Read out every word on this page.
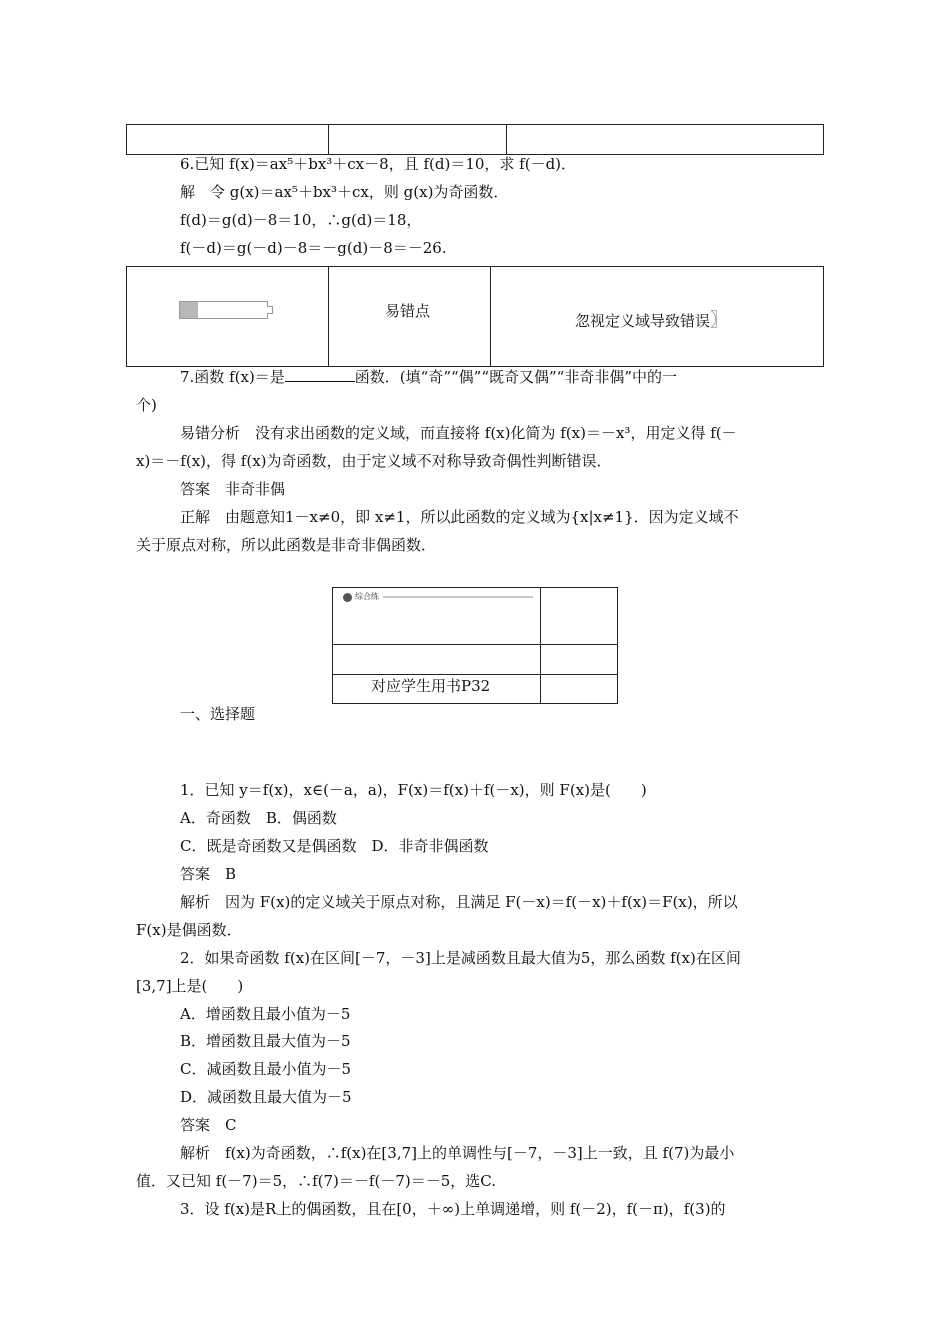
6.已知 f(x)＝ax⁵＋bx³＋cx－8，且 f(d)＝10，求 f(－d)．
解　令 g(x)＝ax⁵＋bx³＋cx，则 g(x)为奇函数．
f(d)＝g(d)－8＝10，∴g(d)＝18，
f(－d)＝g(－d)－8＝－g(d)－8＝－26.
易错点
忽视定义域导致错误〗
7.函数 f(x)＝是	函数．(填“奇”“偶”“既奇又偶”“非奇非偶”中的一
个)
易错分析　没有求出函数的定义域，而直接将 f(x)化简为 f(x)＝－x³，用定义得 f(－
x)＝－f(x)，得 f(x)为奇函数，由于定义域不对称导致奇偶性判断错误．
答案　非奇非偶
正解　由题意知1－x≠0，即 x≠1，所以此函数的定义域为{x|x≠1}．因为定义域不
关于原点对称，所以此函数是非奇非偶函数．
综合练
对应学生用书P32
一、选择题
1．已知 y＝f(x)，x∈(－a，a)，F(x)＝f(x)＋f(－x)，则 F(x)是(　　)
A．奇函数　B．偶函数
C．既是奇函数又是偶函数　D．非奇非偶函数
答案　B
解析　因为 F(x)的定义域关于原点对称，且满足 F(－x)＝f(－x)＋f(x)＝F(x)，所以
F(x)是偶函数．
2．如果奇函数 f(x)在区间[－7，－3]上是减函数且最大值为5，那么函数 f(x)在区间
[3,7]上是(　　)
A．增函数且最小值为－5
B．增函数且最大值为－5
C．减函数且最小值为－5
D．减函数且最大值为－5
答案　C
解析　f(x)为奇函数，∴f(x)在[3,7]上的单调性与[－7，－3]上一致，且 f(7)为最小
值．又已知 f(－7)＝5，∴f(7)＝－f(－7)＝－5，选C.
3．设 f(x)是R上的偶函数，且在[0，＋∞)上单调递增，则 f(－2)，f(－π)，f(3)的
